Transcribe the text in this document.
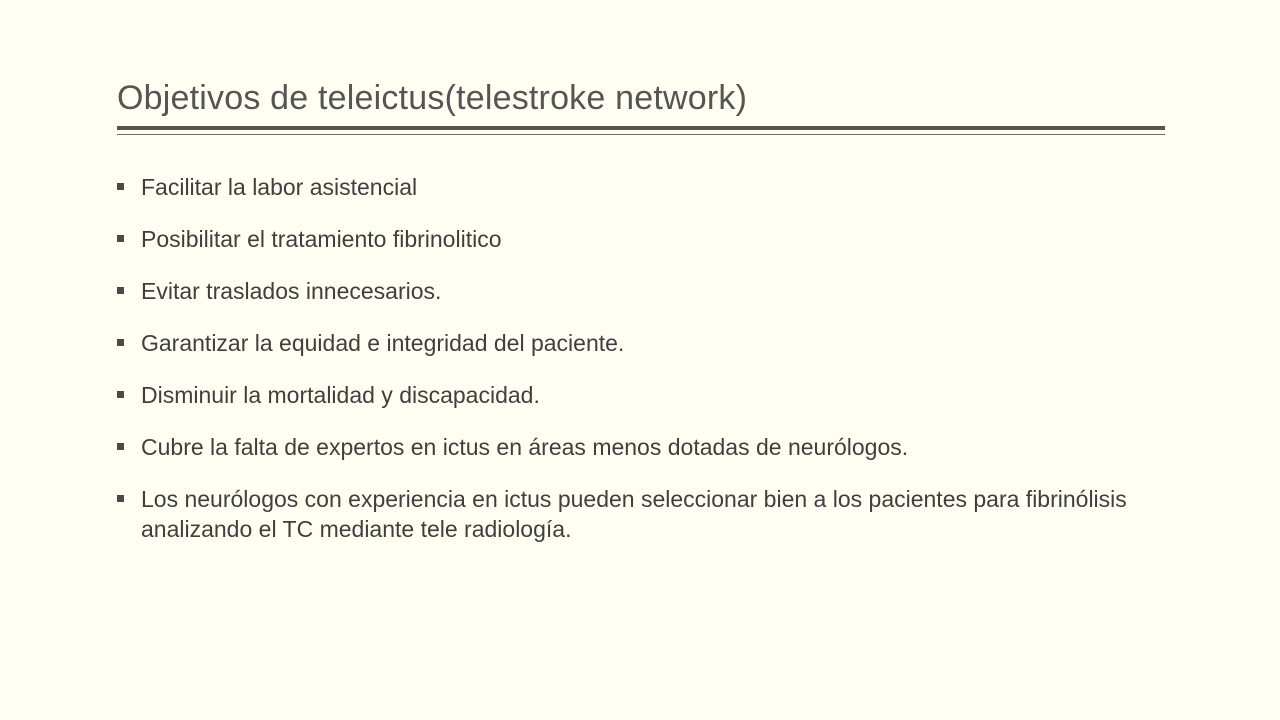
Objetivos de teleictus(telestroke network)
Facilitar la labor asistencial
Posibilitar el tratamiento fibrinolitico
Evitar traslados innecesarios.
Garantizar la equidad e integridad del paciente.
Disminuir la mortalidad y discapacidad.
Cubre la falta de expertos en ictus en áreas menos dotadas de neurólogos.
Los neurólogos con experiencia en ictus pueden seleccionar bien a los pacientes para fibrinólisis analizando el TC mediante tele radiología.
